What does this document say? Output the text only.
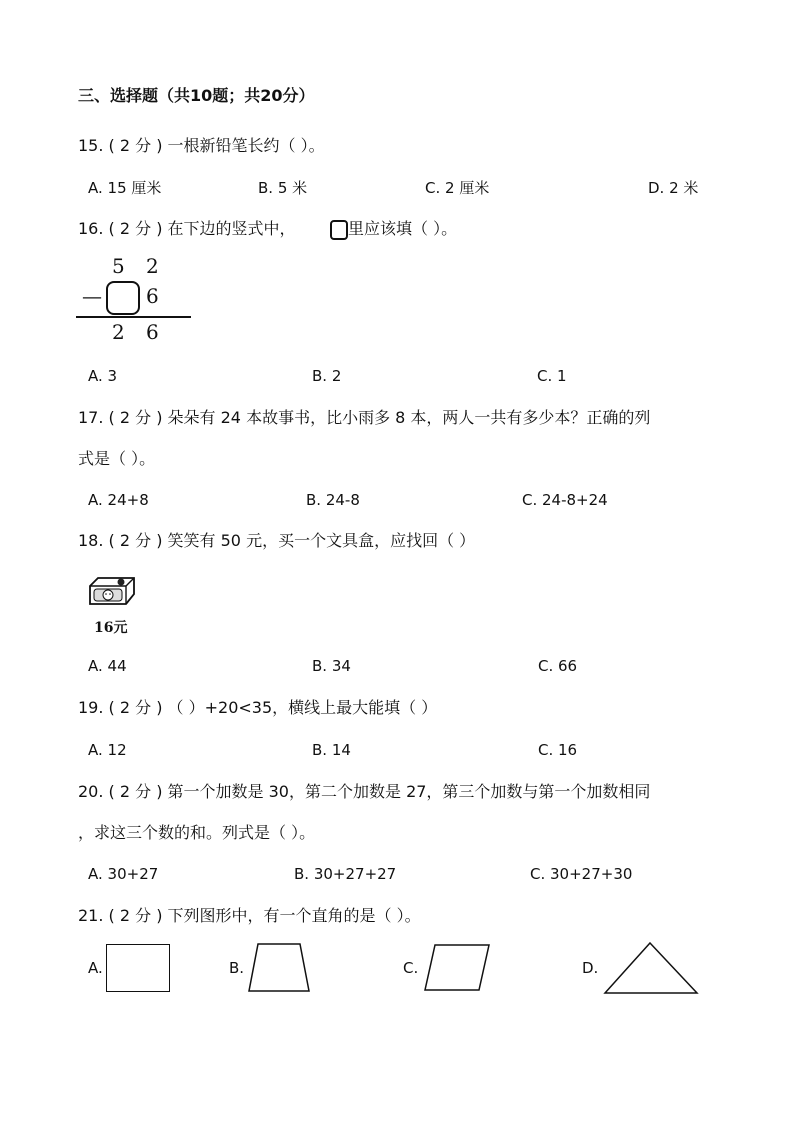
三、选择题（共10题；共20分）
15. ( 2 分 ) 一根新铅笔长约（ ）。
A. 15 厘米	B. 5 米	C. 2 厘米	D. 2 米
16. ( 2 分 ) 在下边的竖式中，	里应该填（ ）。
5 2
— 6
2 6
A. 3	B. 2	C. 1
17. ( 2 分 ) 朵朵有 24 本故事书，比小雨多 8 本，两人一共有多少本？正确的列
式是（ ）。
A. 24+8	B. 24-8	C. 24-8+24
18. ( 2 分 ) 笑笑有 50 元，买一个文具盒，应找回（ ）
16元
A. 44	B. 34	C. 66
19. ( 2 分 ) （ ）+20<35，横线上最大能填（ ）
A. 12	B. 14	C. 16
20. ( 2 分 ) 第一个加数是 30，第二个加数是 27，第三个加数与第一个加数相同
，求这三个数的和。列式是（ ）。
A. 30+27	B. 30+27+27	C. 30+27+30
21. ( 2 分 ) 下列图形中，有一个直角的是（ ）。
A.	B.	C.	D.
